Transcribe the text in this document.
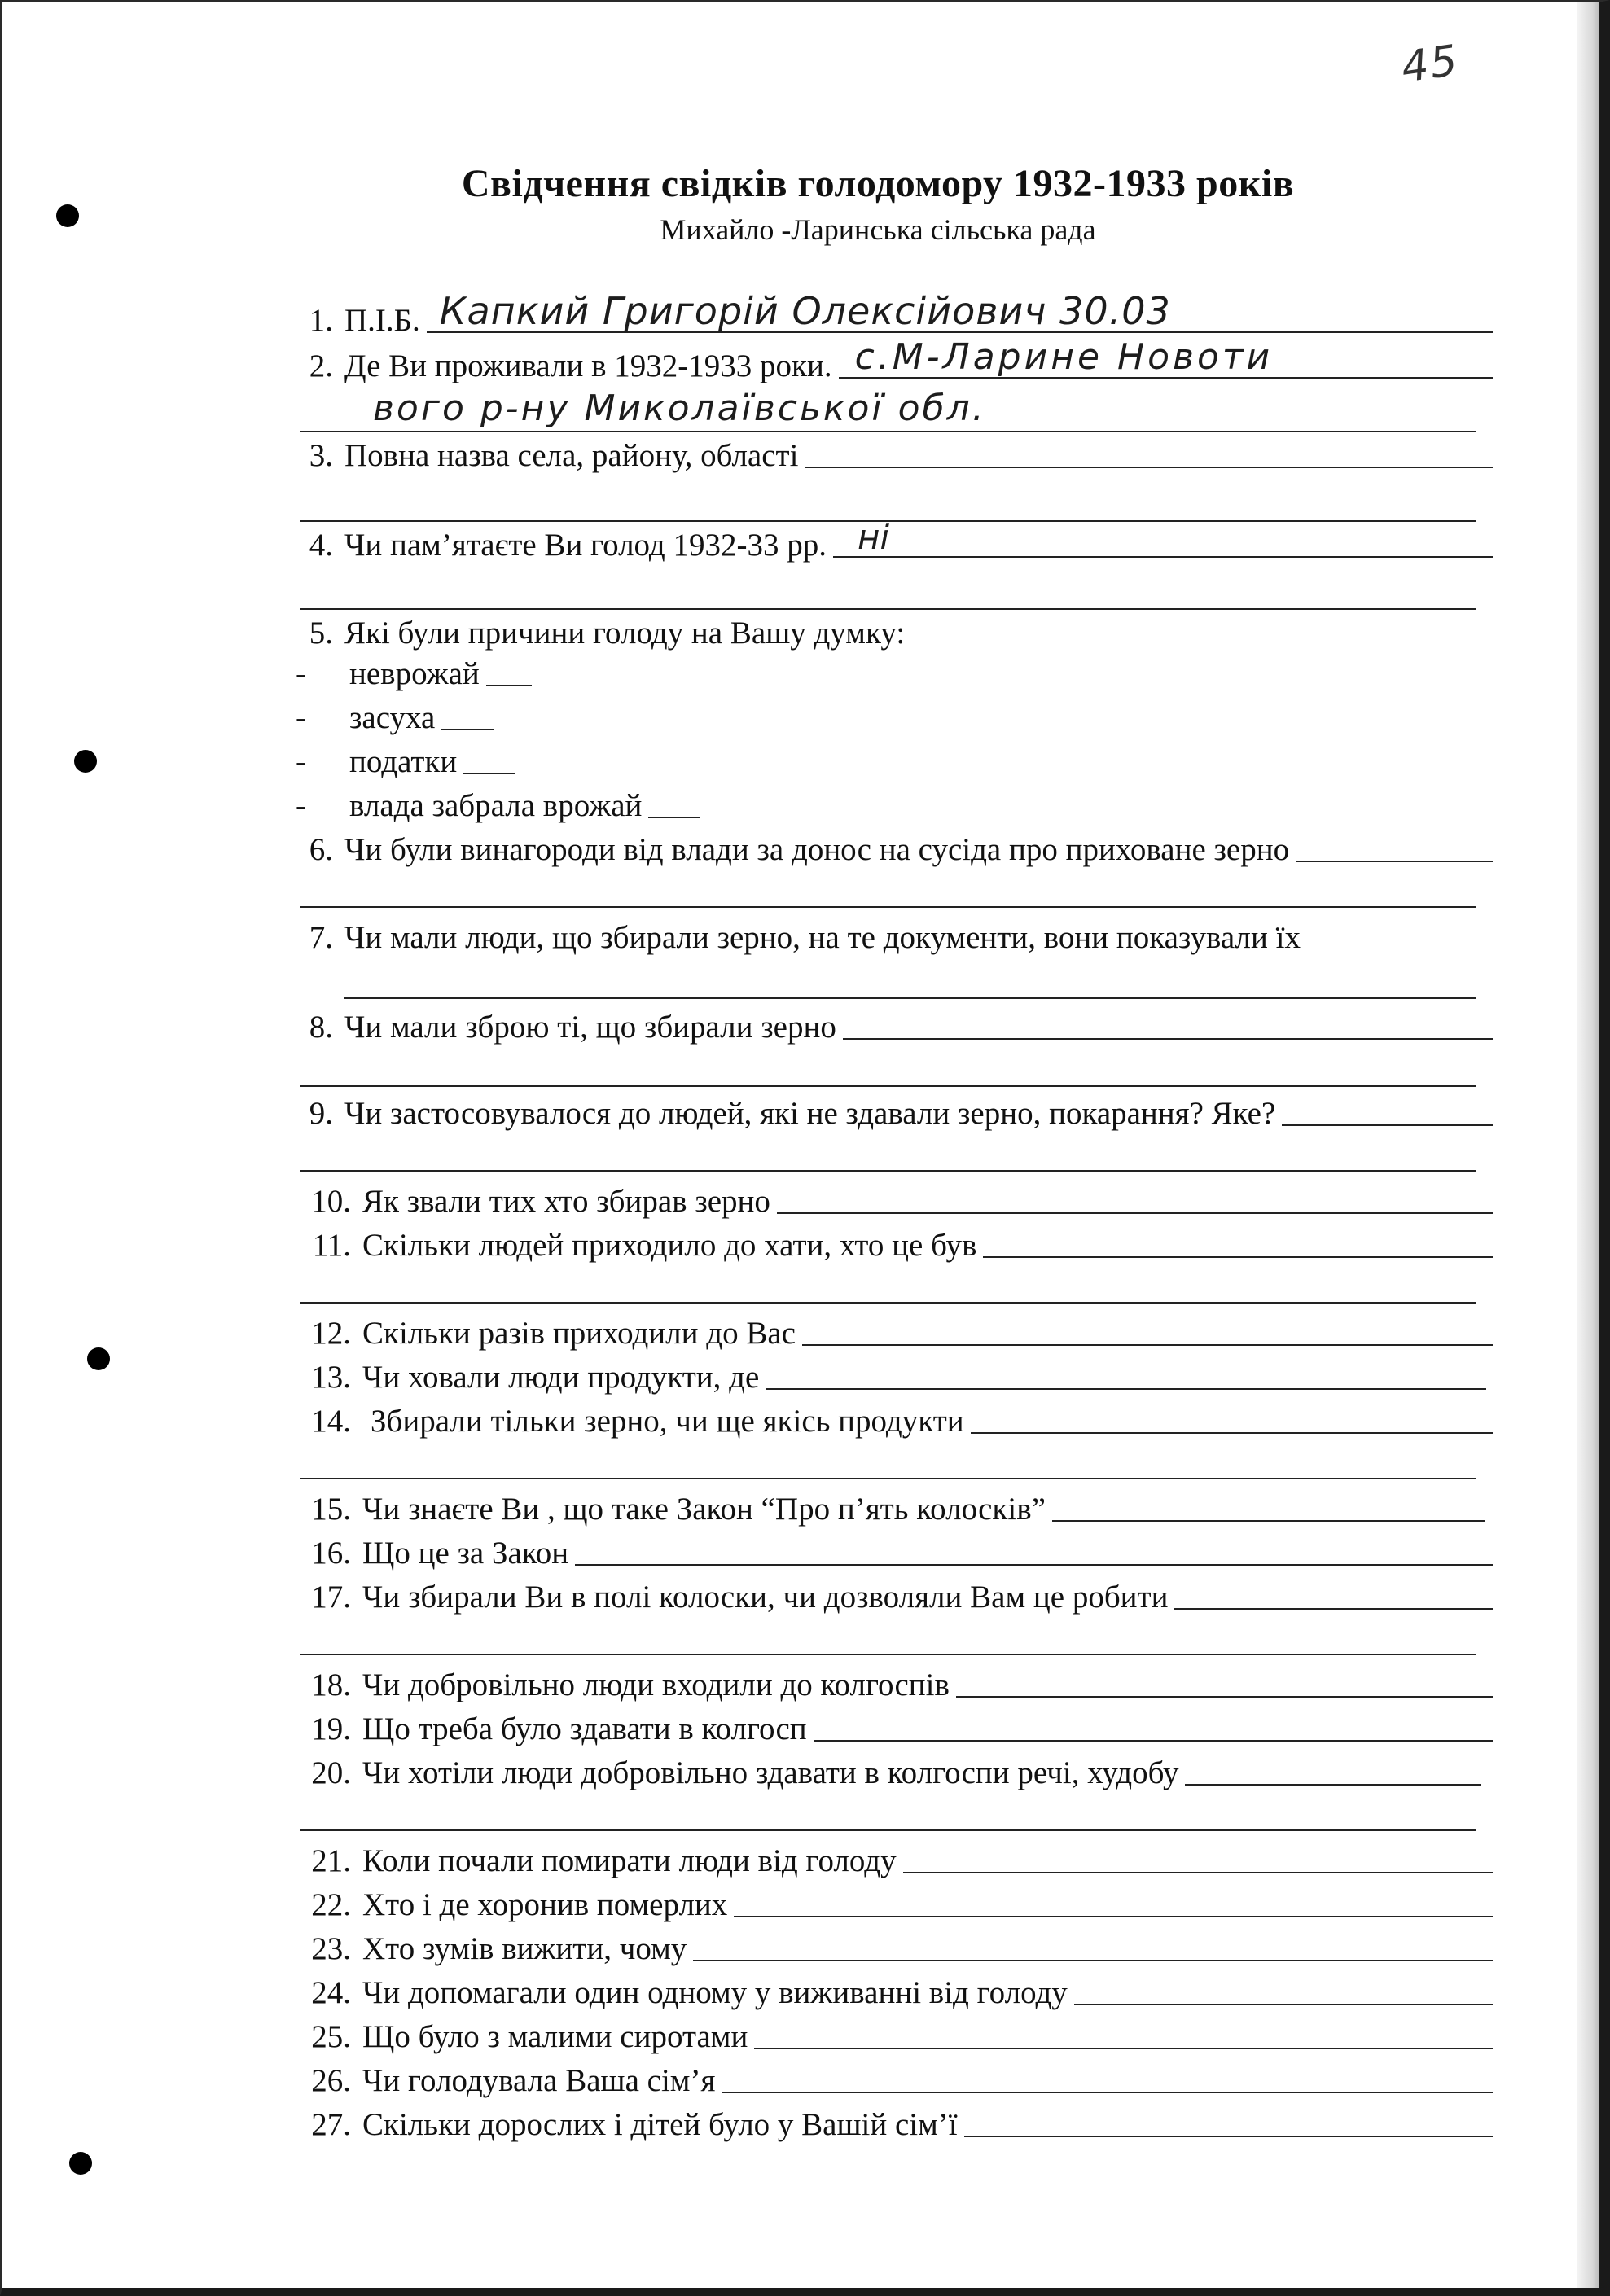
45
Свідчення свідків голодомору 1932-1933 років
Михайло -Ларинська сільська рада
1. П.І.Б. Капкий Григорій Олексійович 30.03
2. Де Ви проживали в 1932-1933 роки. с.М-Ларине Новоти
вого р-ну Миколаївської обл.
3. Повна назва села, району, області
4. Чи пам’ятаєте Ви голод 1932-33 рр. ні
5. Які були причини голоду на Вашу думку:
-	неврожай
-	засуха
-	податки
-	влада забрала врожай
6. Чи були винагороди від влади за донос на сусіда про приховане зерно
7. Чи мали люди, що збирали зерно, на те документи, вони показували їх
8. Чи мали зброю ті, що збирали зерно
9. Чи застосовувалося до людей, які не здавали зерно, покарання? Яке?
10. Як звали тих хто збирав зерно
11. Скільки людей приходило до хати, хто це був
12. Скільки разів приходили до Вас
13. Чи ховали люди продукти, де
14. Збирали тільки зерно, чи ще якісь продукти
15. Чи знаєте Ви , що таке Закон “Про п’ять колосків”
16. Що це за Закон
17. Чи збирали Ви в полі колоски, чи дозволяли Вам це робити
18. Чи добровільно люди входили до колгоспів
19. Що треба було здавати в колгосп
20. Чи хотіли люди добровільно здавати в колгоспи речі, худобу
21. Коли почали помирати люди від голоду
22. Хто і де хоронив померлих
23. Хто зумів вижити, чому
24. Чи допомагали один одному у виживанні від голоду
25. Що було з малими сиротами
26. Чи голодувала Ваша сім’я
27. Скільки дорослих і дітей було у Вашій сім’ї
